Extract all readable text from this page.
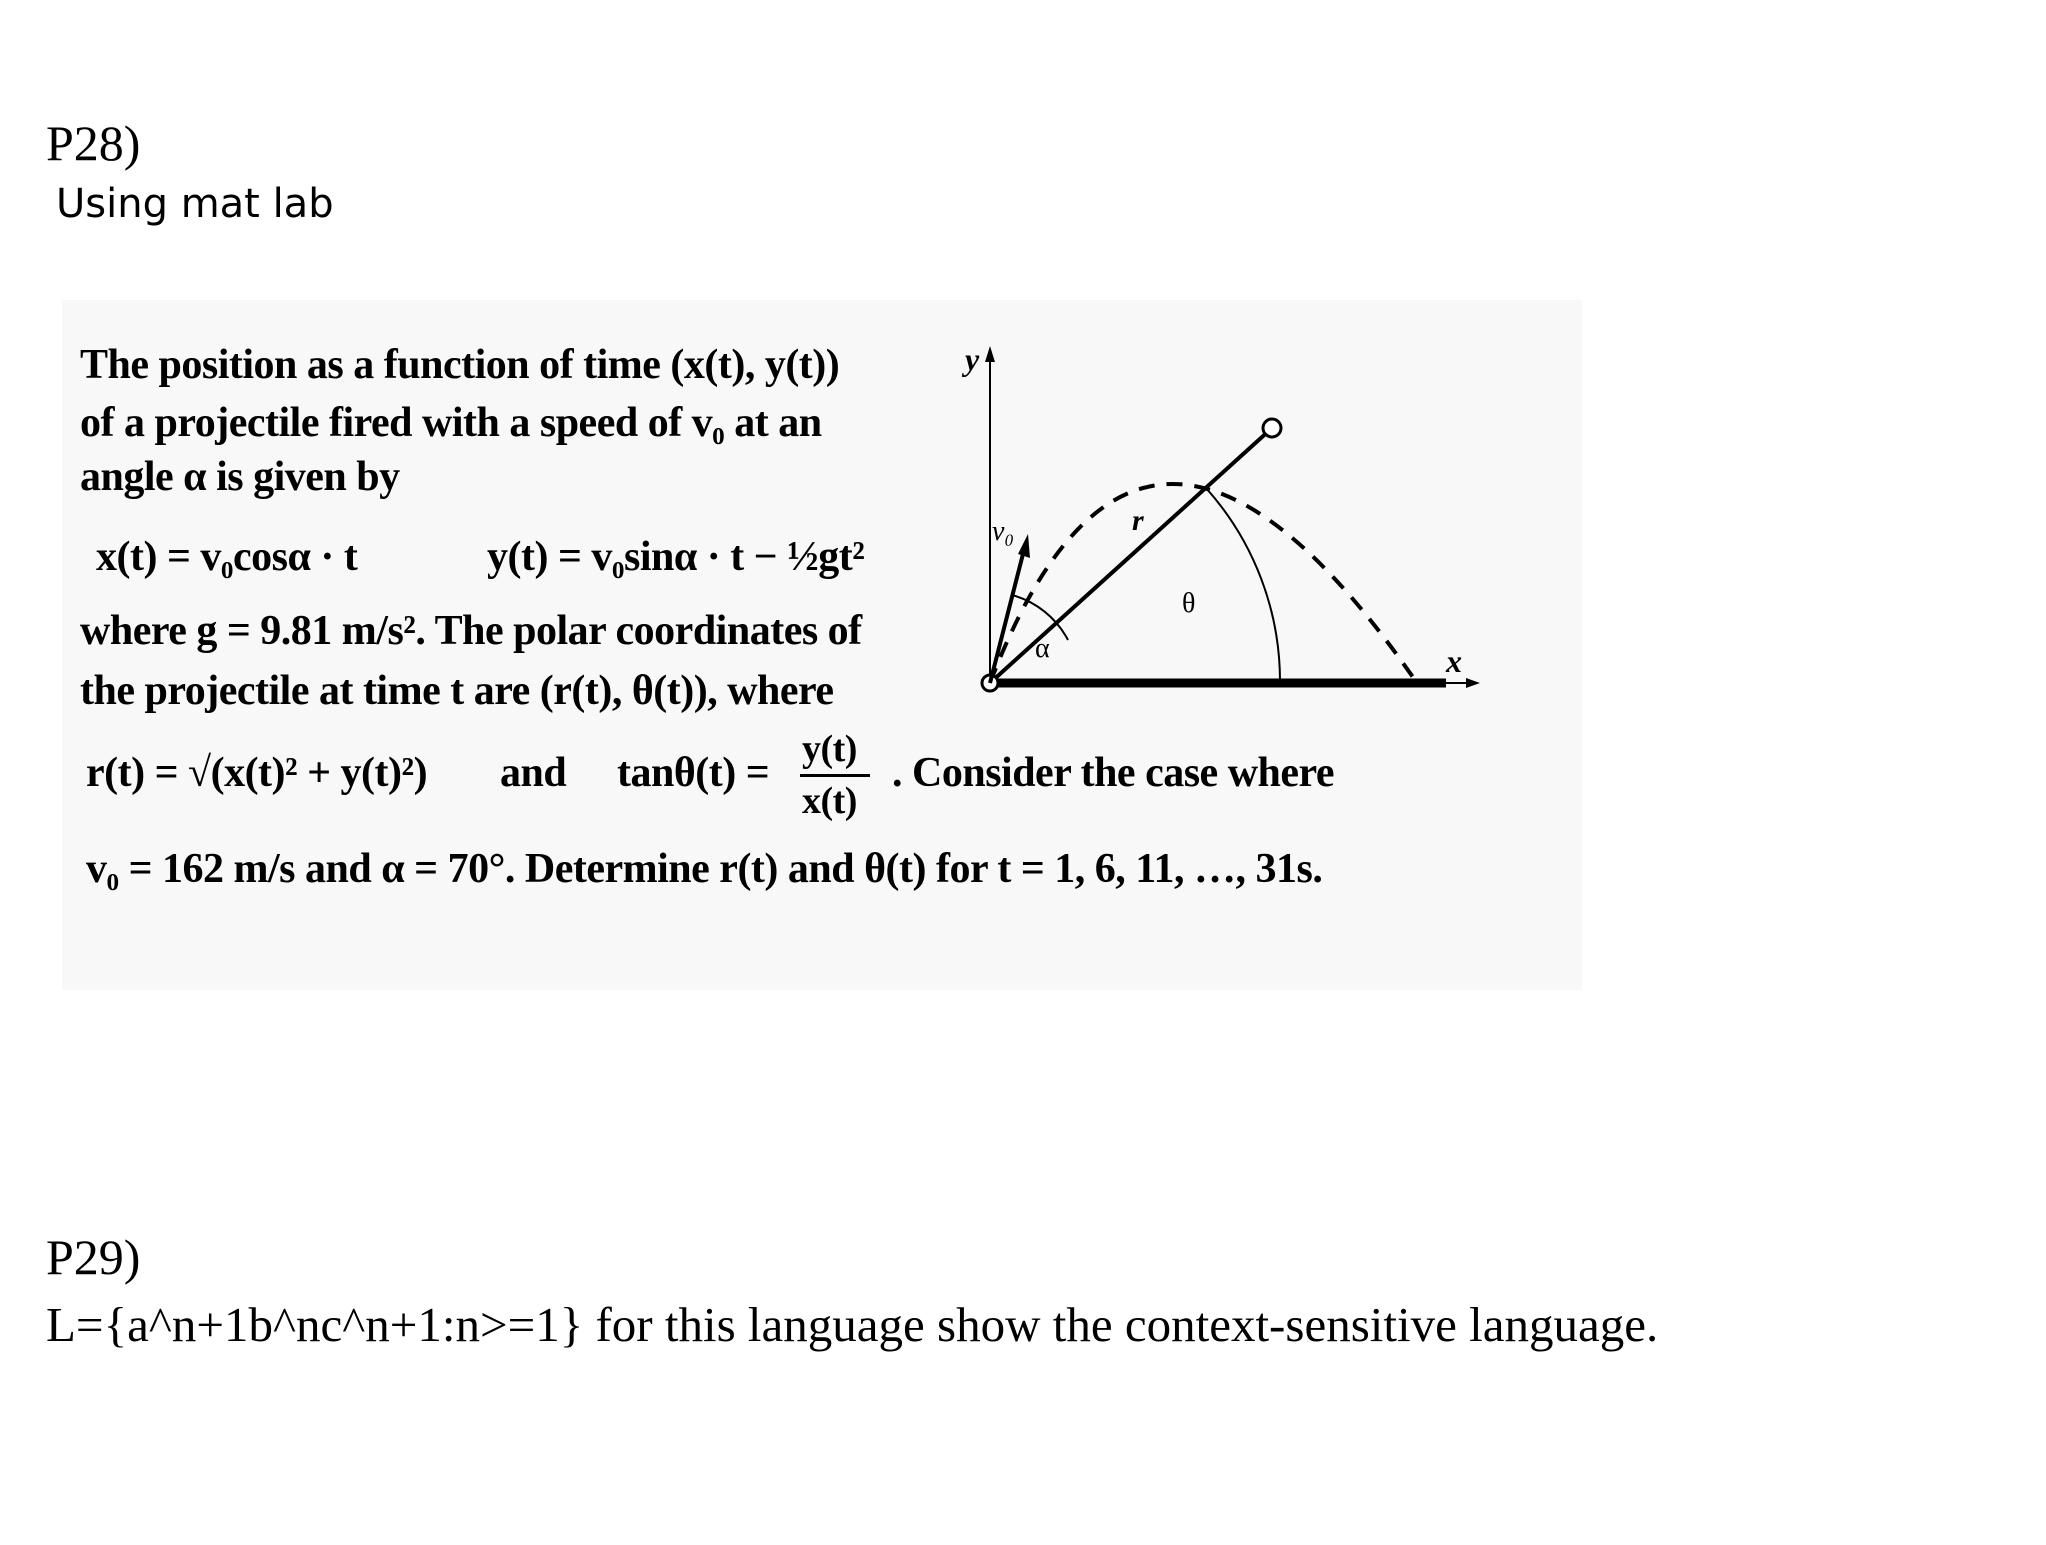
P28)
Using mat lab
The position as a function of time (x(t), y(t))
of a projectile fired with a speed of v₀ at an
angle α is given by
x(t) = v₀cosα · t	y(t) = v₀sinα · t − ½gt²
where g = 9.81 m/s². The polar coordinates of
the projectile at time t are (r(t), θ(t)), where
r(t) = √(x(t)² + y(t)²) and tanθ(t) =
y(t)
x(t)
. Consider the case where
v₀ = 162 m/s and α = 70°. Determine r(t) and θ(t) for t = 1, 6, 11, …, 31s.
y
x
v₀	r
θ
α
P29)
L={a^n+1b^nc^n+1:n>=1} for this language show the context-sensitive language.
